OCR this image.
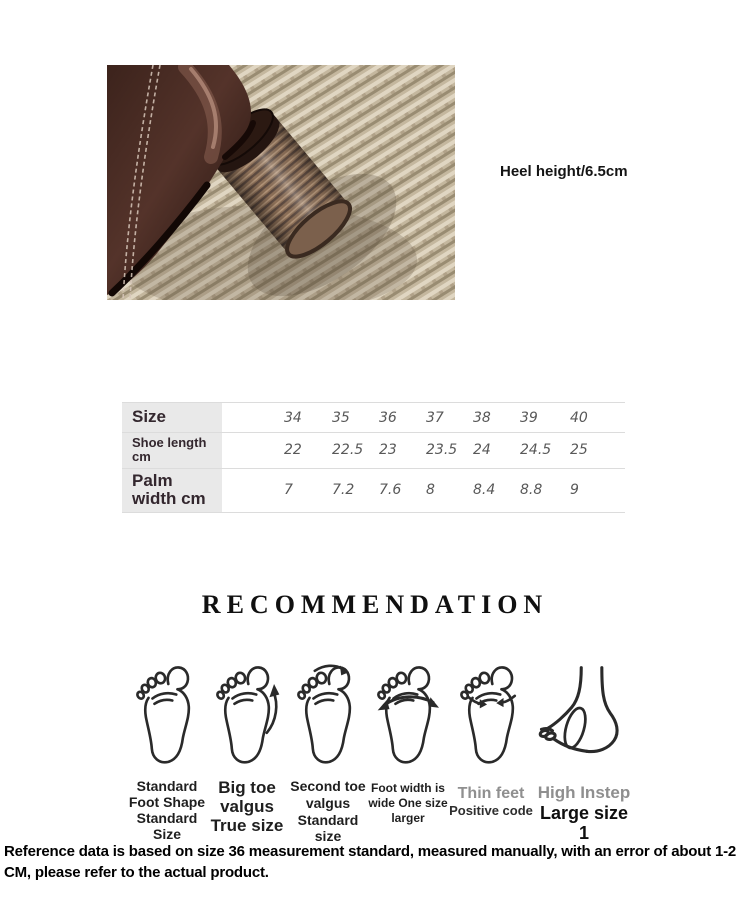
Heel height/6.5cm
Size	34	35	36	37	38	39	40
Shoe length cm	22	22.5	23	23.5	24	24.5	25
Palm width cm	7	7.2	7.6	8	8.4	8.8	9
RECOMMENDATION
Standard
Foot Shape
Standard
Size
Big toe
valgus
True size
Second toe
valgus
Standard size
Foot width is
wide One size
larger
Thin feet
Positive code
High Instep
Large size 1

Reference data is based on size 36 measurement standard, measured manually, with an error of about 1-2 CM, please refer to the actual product.
